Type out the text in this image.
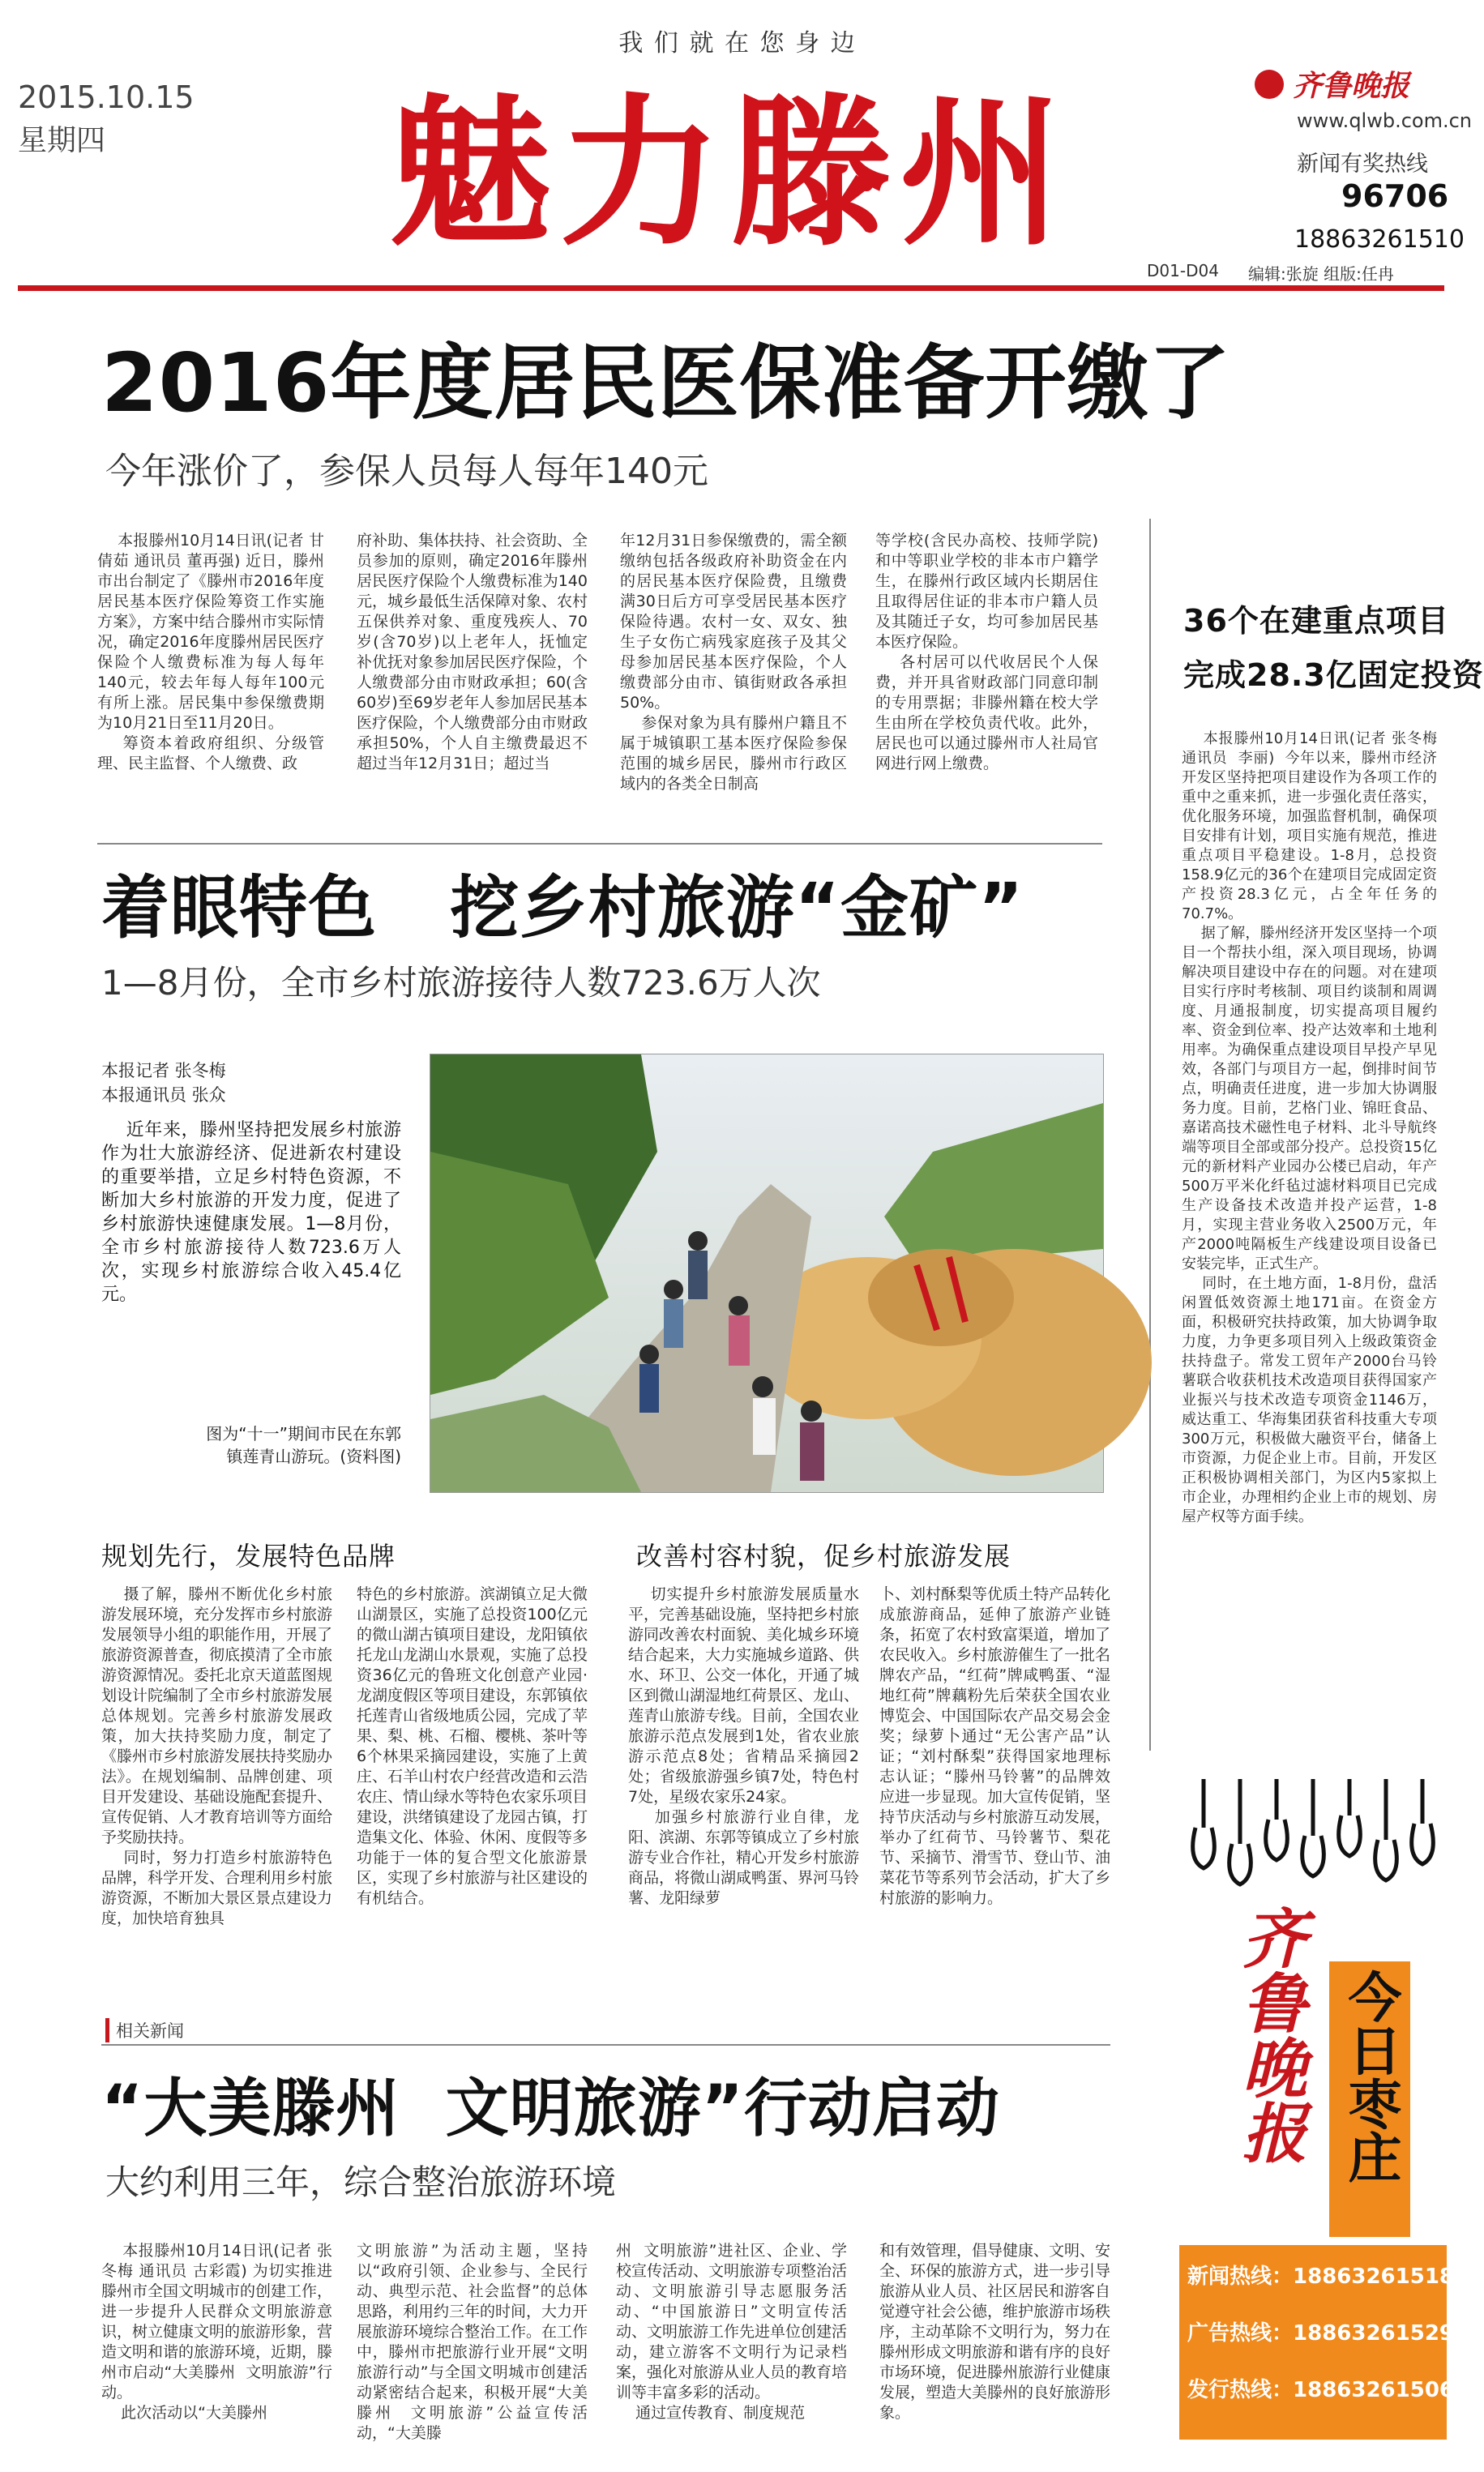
我 们 就 在 您 身 边
2015.10.15
星期四 魅力滕州	齐鲁晚报
www.qlwb.com.cn
新闻有奖热线
96706
18863261510
D01-D04 编辑:张旋 组版:任冉
2016年度居民医保准备开缴了
今年涨价了，参保人员每人每年140元
本报滕州10月14日讯(记者 甘倩茹 通讯员 董再强) 近日，滕州市出台制定了《滕州市2016年度居民基本医疗保险筹资工作实施方案》，方案中结合滕州市实际情况，确定2016年度滕州居民医疗保险个人缴费标准为每人每年140元，较去年每人每年100元有所上涨。居民集中参保缴费期为10月21日至11月20日。
筹资本着政府组织、分级管理、民主监督、个人缴费、政
府补助、集体扶持、社会资助、全员参加的原则，确定2016年滕州居民医疗保险个人缴费标准为140元，城乡最低生活保障对象、农村五保供养对象、重度残疾人、70岁(含70岁)以上老年人，抚恤定补优抚对象参加居民医疗保险，个人缴费部分由市财政承担；60(含60岁)至69岁老年人参加居民基本医疗保险，个人缴费部分由市财政承担50%，个人自主缴费最迟不超过当年12月31日；超过当
年12月31日参保缴费的，需全额缴纳包括各级政府补助资金在内的居民基本医疗保险费，且缴费满30日后方可享受居民基本医疗保险待遇。农村一女、双女、独生子女伤亡病残家庭孩子及其父母参加居民基本医疗保险，个人缴费部分由市、镇街财政各承担50%。
参保对象为具有滕州户籍且不属于城镇职工基本医疗保险参保范围的城乡居民，滕州市行政区域内的各类全日制高
等学校(含民办高校、技师学院)和中等职业学校的非本市户籍学生，在滕州行政区域内长期居住且取得居住证的非本市户籍人员及其随迁子女，均可参加居民基本医疗保险。
各村居可以代收居民个人保费，并开具省财政部门同意印制的专用票据；非滕州籍在校大学生由所在学校负责代收。此外，居民也可以通过滕州市人社局官网进行网上缴费。
36个在建重点项目
完成28.3亿固定投资
本报滕州10月14日讯(记者 张冬梅  通讯员  李丽)  今年以来，滕州市经济开发区坚持把项目建设作为各项工作的重中之重来抓，进一步强化责任落实，优化服务环境，加强监督机制，确保项目安排有计划，项目实施有规范，推进重点项目平稳建设。1-8月，总投资158.9亿元的36个在建项目完成固定资产投资28.3亿元，占全年任务的70.7%。
据了解，滕州经济开发区坚持一个项目一个帮扶小组，深入项目现场，协调解决项目建设中存在的问题。对在建项目实行序时考核制、项目约谈制和周调度、月通报制度，切实提高项目履约率、资金到位率、投产达效率和土地利用率。为确保重点建设项目早投产早见效，各部门与项目方一起，倒排时间节点，明确责任进度，进一步加大协调服务力度。目前，艺格门业、锦旺食品、嘉诺高技术磁性电子材料、北斗导航终端等项目全部或部分投产。总投资15亿元的新材料产业园办公楼已启动，年产500万平米化纤毡过滤材料项目已完成生产设备技术改造并投产运营，1-8月，实现主营业务收入2500万元，年产2000吨隔板生产线建设项目设备已安装完毕，正式生产。
同时，在土地方面，1-8月份，盘活闲置低效资源土地171亩。在资金方面，积极研究扶持政策，加大协调争取力度，力争更多项目列入上级政策资金扶持盘子。常发工贸年产2000台马铃薯联合收获机技术改造项目获得国家产业振兴与技术改造专项资金1146万，威达重工、华海集团获省科技重大专项300万元，积极做大融资平台，储备上市资源，力促企业上市。目前，开发区正积极协调相关部门，为区内5家拟上市企业，办理相约企业上市的规划、房屋产权等方面手续。
着眼特色   挖乡村旅游“金矿”
1—8月份，全市乡村旅游接待人数723.6万人次
本报记者 张冬梅
本报通讯员 张众
近年来，滕州坚持把发展乡村旅游作为壮大旅游经济、促进新农村建设的重要举措，立足乡村特色资源，不断加大乡村旅游的开发力度，促进了乡村旅游快速健康发展。1—8月份，全市乡村旅游接待人数723.6万人次，实现乡村旅游综合收入45.4亿元。
图为“十一”期间市民在东郭镇莲青山游玩。(资料图)
规划先行，发展特色品牌
摄了解，滕州不断优化乡村旅游发展环境，充分发挥市乡村旅游发展领导小组的职能作用，开展了旅游资源普查，彻底摸清了全市旅游资源情况。委托北京天道蓝图规划设计院编制了全市乡村旅游发展总体规划。完善乡村旅游发展政策，加大扶持奖励力度，制定了《滕州市乡村旅游发展扶持奖励办法》。在规划编制、品牌创建、项目开发建设、基础设施配套提升、宣传促销、人才教育培训等方面给予奖励扶持。
同时，努力打造乡村旅游特色品牌，科学开发、合理利用乡村旅游资源，不断加大景区景点建设力度，加快培育独具
特色的乡村旅游。滨湖镇立足大微山湖景区，实施了总投资100亿元的微山湖古镇项目建设，龙阳镇依托龙山龙湖山水景观，实施了总投资36亿元的鲁班文化创意产业园·龙湖度假区等项目建设，东郭镇依托莲青山省级地质公园，完成了苹果、梨、桃、石榴、樱桃、茶叶等6个林果采摘园建设，实施了上黄庄、石羊山村农户经营改造和云浩农庄、情山绿水等特色农家乐项目建设，洪绪镇建设了龙园古镇，打造集文化、体验、休闲、度假等多功能于一体的复合型文化旅游景区，实现了乡村旅游与社区建设的有机结合。
改善村容村貌，促乡村旅游发展
切实提升乡村旅游发展质量水平，完善基础设施，坚持把乡村旅游同改善农村面貌、美化城乡环境结合起来，大力实施城乡道路、供水、环卫、公交一体化，开通了城区到微山湖湿地红荷景区、龙山、莲青山旅游专线。目前，全国农业旅游示范点发展到1处，省农业旅游示范点8处；省精品采摘园2处；省级旅游强乡镇7处，特色村7处，星级农家乐24家。
加强乡村旅游行业自律，龙阳、滨湖、东郭等镇成立了乡村旅游专业合作社，精心开发乡村旅游商品，将微山湖咸鸭蛋、界河马铃薯、龙阳绿萝
卜、刘村酥梨等优质土特产品转化成旅游商品，延伸了旅游产业链条，拓宽了农村致富渠道，增加了农民收入。乡村旅游催生了一批名牌农产品，“红荷”牌咸鸭蛋、“湿地红荷”牌藕粉先后荣获全国农业博览会、中国国际农产品交易会金奖；绿萝卜通过“无公害产品”认证；“刘村酥梨”获得国家地理标志认证；“滕州马铃薯”的品牌效应进一步显现。加大宣传促销，坚持节庆活动与乡村旅游互动发展，举办了红荷节、马铃薯节、梨花节、采摘节、滑雪节、登山节、油菜花节等系列节会活动，扩大了乡村旅游的影响力。
相关新闻
“大美滕州  文明旅游”行动启动
大约利用三年，综合整治旅游环境
本报滕州10月14日讯(记者 张冬梅 通讯员 古彩霞) 为切实推进滕州市全国文明城市的创建工作，进一步提升人民群众文明旅游意识，树立健康文明的旅游形象，营造文明和谐的旅游环境，近期，滕州市启动“大美滕州  文明旅游”行动。
此次活动以“大美滕州
文明旅游”为活动主题，坚持以“政府引领、企业参与、全民行动、典型示范、社会监督”的总体思路，利用约三年的时间，大力开展旅游环境综合整治工作。在工作中，滕州市把旅游行业开展“文明旅游行动”与全国文明城市创建活动紧密结合起来，积极开展“大美滕州  文明旅游”公益宣传活动，“大美滕
州  文明旅游”进社区、企业、学校宣传活动、文明旅游专项整治活动、文明旅游引导志愿服务活动、“中国旅游日”文明宣传活动、文明旅游工作先进单位创建活动，建立游客不文明行为记录档案，强化对旅游从业人员的教育培训等丰富多彩的活动。
通过宣传教育、制度规范
和有效管理，倡导健康、文明、安全、环保的旅游方式，进一步引导旅游从业人员、社区居民和游客自觉遵守社会公德，维护旅游市场秩序，主动革除不文明行为，努力在滕州形成文明旅游和谐有序的良好市场环境，促进滕州旅游行业健康发展，塑造大美滕州的良好旅游形象。
齐鲁晚报 今日枣庄
新闻热线：18863261518
广告热线：18863261529
发行热线：18863261506
